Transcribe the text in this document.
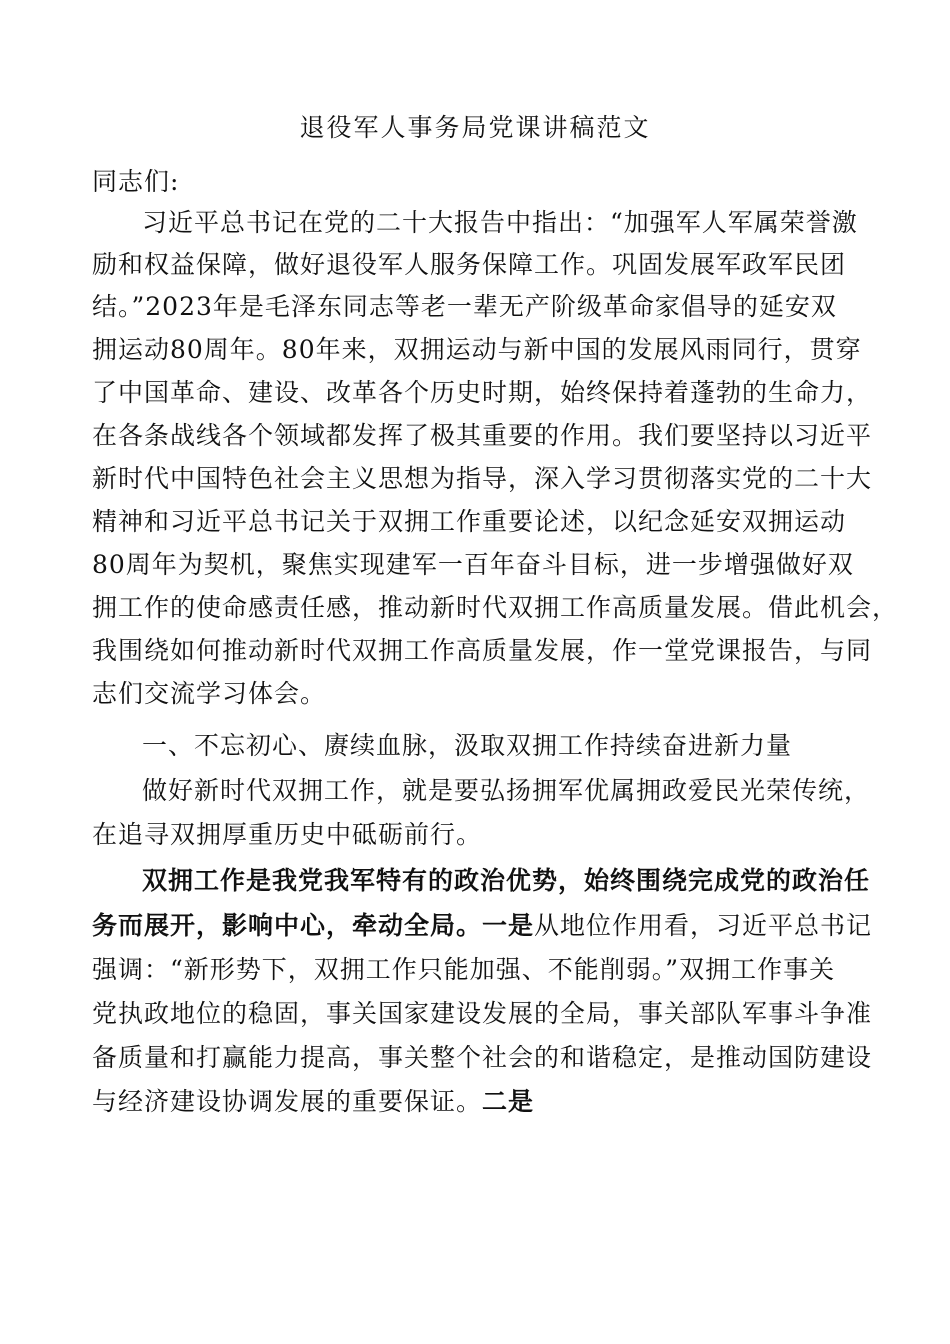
退役军人事务局党课讲稿范文
同志们:
习近平总书记在党的二十大报告中指出：“加强军人军属荣誉激
励和权益保障，做好退役军人服务保障工作。巩固发展军政军民团
结。”2023年是毛泽东同志等老一辈无产阶级革命家倡导的延安双
拥运动80周年。80年来，双拥运动与新中国的发展风雨同行，贯穿
了中国革命、建设、改革各个历史时期，始终保持着蓬勃的生命力，
在各条战线各个领域都发挥了极其重要的作用。我们要坚持以习近平
新时代中国特色社会主义思想为指导，深入学习贯彻落实党的二十大
精神和习近平总书记关于双拥工作重要论述，以纪念延安双拥运动
80周年为契机，聚焦实现建军一百年奋斗目标，进一步增强做好双
拥工作的使命感责任感，推动新时代双拥工作高质量发展。借此机会，
我围绕如何推动新时代双拥工作高质量发展，作一堂党课报告，与同
志们交流学习体会。
一、不忘初心、赓续血脉，汲取双拥工作持续奋进新力量
做好新时代双拥工作，就是要弘扬拥军优属拥政爱民光荣传统，
在追寻双拥厚重历史中砥砺前行。
双拥工作是我党我军特有的政治优势，始终围绕完成党的政治任
务而展开，影响中心，牵动全局。一是从地位作用看，习近平总书记
强调：“新形势下，双拥工作只能加强、不能削弱。”双拥工作事关
党执政地位的稳固，事关国家建设发展的全局，事关部队军事斗争准
备质量和打赢能力提高，事关整个社会的和谐稳定，是推动国防建设
与经济建设协调发展的重要保证。二是
